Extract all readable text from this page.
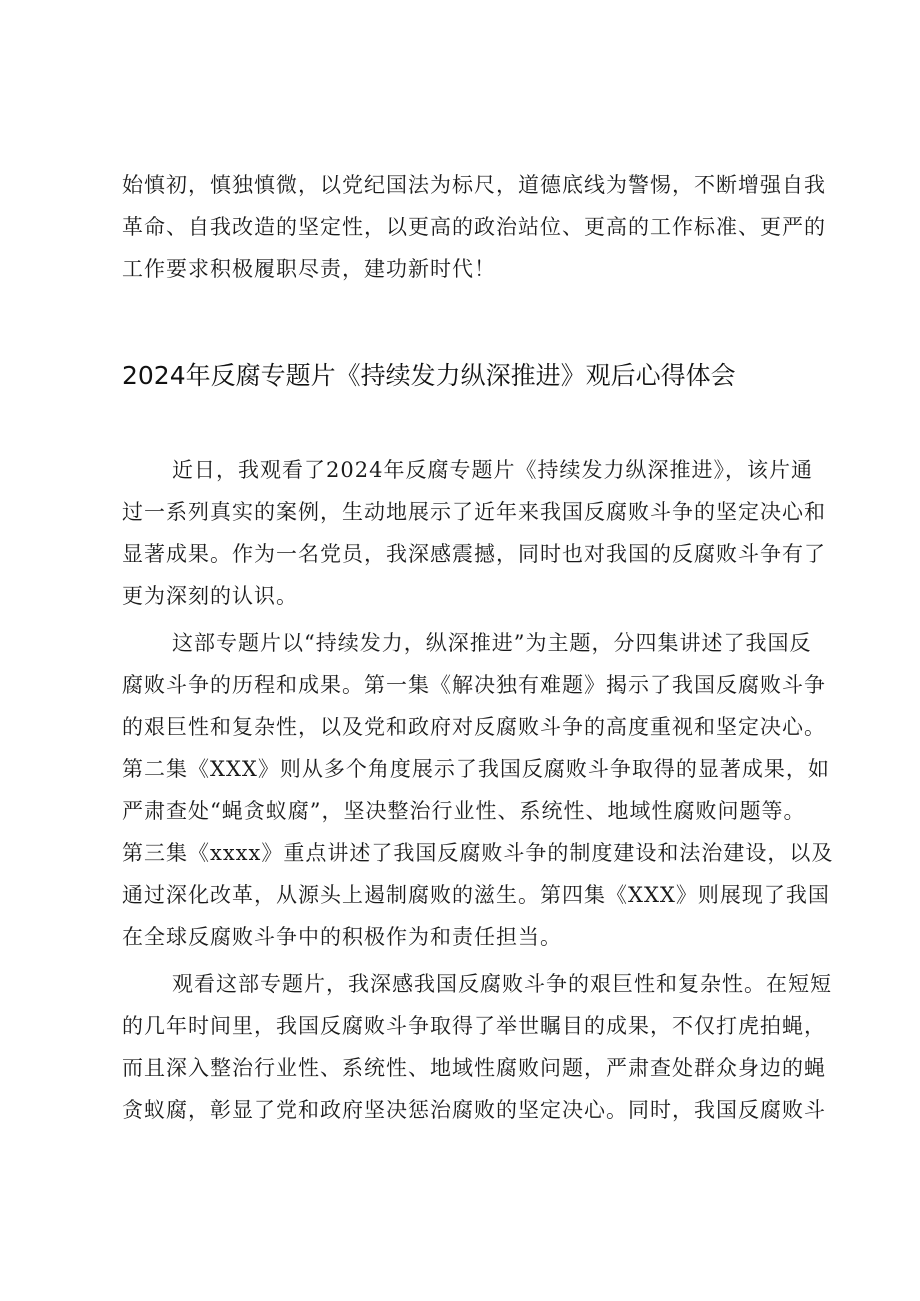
始慎初，慎独慎微，以党纪国法为标尺，道德底线为警惕，不断增强自我
革命、自我改造的坚定性，以更高的政治站位、更高的工作标准、更严的
工作要求积极履职尽责，建功新时代！
2024年反腐专题片《持续发力纵深推进》观后心得体会
近日，我观看了2024年反腐专题片《持续发力纵深推进》，该片通
过一系列真实的案例，生动地展示了近年来我国反腐败斗争的坚定决心和
显著成果。作为一名党员，我深感震撼，同时也对我国的反腐败斗争有了
更为深刻的认识。
这部专题片以“持续发力，纵深推进”为主题，分四集讲述了我国反
腐败斗争的历程和成果。第一集《解决独有难题》揭示了我国反腐败斗争
的艰巨性和复杂性，以及党和政府对反腐败斗争的高度重视和坚定决心。
第二集《XXX》则从多个角度展示了我国反腐败斗争取得的显著成果，如
严肃查处“蝇贪蚁腐”，坚决整治行业性、系统性、地域性腐败问题等。
第三集《xxxx》重点讲述了我国反腐败斗争的制度建设和法治建设，以及
通过深化改革，从源头上遏制腐败的滋生。第四集《XXX》则展现了我国
在全球反腐败斗争中的积极作为和责任担当。
观看这部专题片，我深感我国反腐败斗争的艰巨性和复杂性。在短短
的几年时间里，我国反腐败斗争取得了举世瞩目的成果，不仅打虎拍蝇，
而且深入整治行业性、系统性、地域性腐败问题，严肃查处群众身边的蝇
贪蚁腐，彰显了党和政府坚决惩治腐败的坚定决心。同时，我国反腐败斗
